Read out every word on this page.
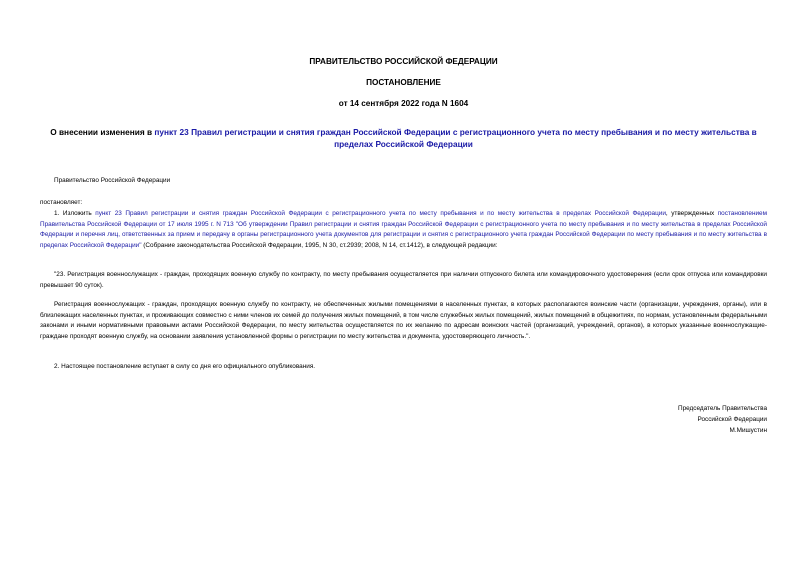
ПРАВИТЕЛЬСТВО РОССИЙСКОЙ ФЕДЕРАЦИИ
ПОСТАНОВЛЕНИЕ
от 14 сентября 2022 года N 1604
О внесении изменения в пункт 23 Правил регистрации и снятия граждан Российской Федерации с регистрационного учета по месту пребывания и по месту жительства в пределах Российской Федерации
Правительство Российской Федерации
постановляет:
1. Изложить пункт 23 Правил регистрации и снятия граждан Российской Федерации с регистрационного учета по месту пребывания и по месту жительства в пределах Российской Федерации, утвержденных постановлением Правительства Российской Федерации от 17 июля 1995 г. N 713 "Об утверждении Правил регистрации и снятия граждан Российской Федерации с регистрационного учета по месту пребывания и по месту жительства в пределах Российской Федерации и перечня лиц, ответственных за прием и передачу в органы регистрационного учета документов для регистрации и снятия с регистрационного учета граждан Российской Федерации по месту пребывания и по месту жительства в пределах Российской Федерации" (Собрание законодательства Российской Федерации, 1995, N 30, ст.2939; 2008, N 14, ст.1412), в следующей редакции:
"23. Регистрация военнослужащих - граждан, проходящих военную службу по контракту, по месту пребывания осуществляется при наличии отпускного билета или командировочного удостоверения (если срок отпуска или командировки превышает 90 суток).
Регистрация военнослужащих - граждан, проходящих военную службу по контракту, не обеспеченных жилыми помещениями в населенных пунктах, в которых располагаются воинские части (организации, учреждения, органы), или в близлежащих населенных пунктах, и проживающих совместно с ними членов их семей до получения жилых помещений, в том числе служебных жилых помещений, жилых помещений в общежитиях, по нормам, установленным федеральными законами и иными нормативными правовыми актами Российской Федерации, по месту жительства осуществляется по их желанию по адресам воинских частей (организаций, учреждений, органов), в которых указанные военнослужащие-граждане проходят военную службу, на основании заявления установленной формы о регистрации по месту жительства и документа, удостоверяющего личность.".
2. Настоящее постановление вступает в силу со дня его официального опубликования.
Председатель Правительства
Российской Федерации
М.Мишустин
